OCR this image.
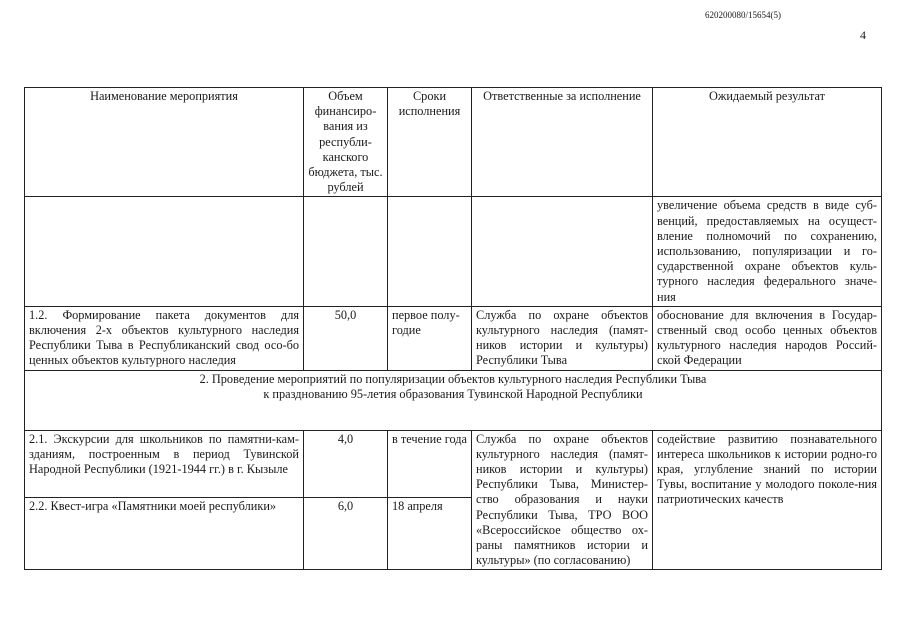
620200080/15654(5)
4
Наименование мероприятия	Объем финансиро-вания из республи-канского бюджета, тыс. рублей	Сроки исполнения	Ответственные за исполнение	Ожидаемый результат
				увеличение объема средств в виде суб-венций, предоставляемых на осущест-вление полномочий по сохранению, использованию, популяризации и го-сударственной охране объектов куль-турного наследия федерального значе-ния
1.2. Формирование пакета документов для включения 2-х объектов культурного наследия Республики Тыва в Республиканский свод осо-бо ценных объектов культурного наследия	50,0	первое полу-годие	Служба по охране объектов культурного наследия (памят-ников истории и культуры) Республики Тыва	обоснование для включения в Государ-ственный свод особо ценных объектов культурного наследия народов Россий-ской Федерации

2. Проведение мероприятий по популяризации объектов культурного наследия Республики Тыва
к празднованию 95-летия образования Тувинской Народной Республики				

2.1. Экскурсии для школьников по памятни-кам-зданиям, построенным в период Тувинской Народной Республики (1921-1944 гг.) в г. Кызыле	4,0	в течение года	Служба по охране объектов культурного наследия (памят-ников истории и культуры) Республики Тыва, Министер-ство образования и науки Республики Тыва, ТРО ВОО «Всероссийское общество ох-раны памятников истории и культуры» (по согласованию)	содействие развитию познавательного интереса школьников к истории родно-го края, углубление знаний по истории Тувы, воспитание у молодого поколе-ния патриотических качеств
2.2. Квест-игра «Памятники моей республики»	6,0	18 апреля		
